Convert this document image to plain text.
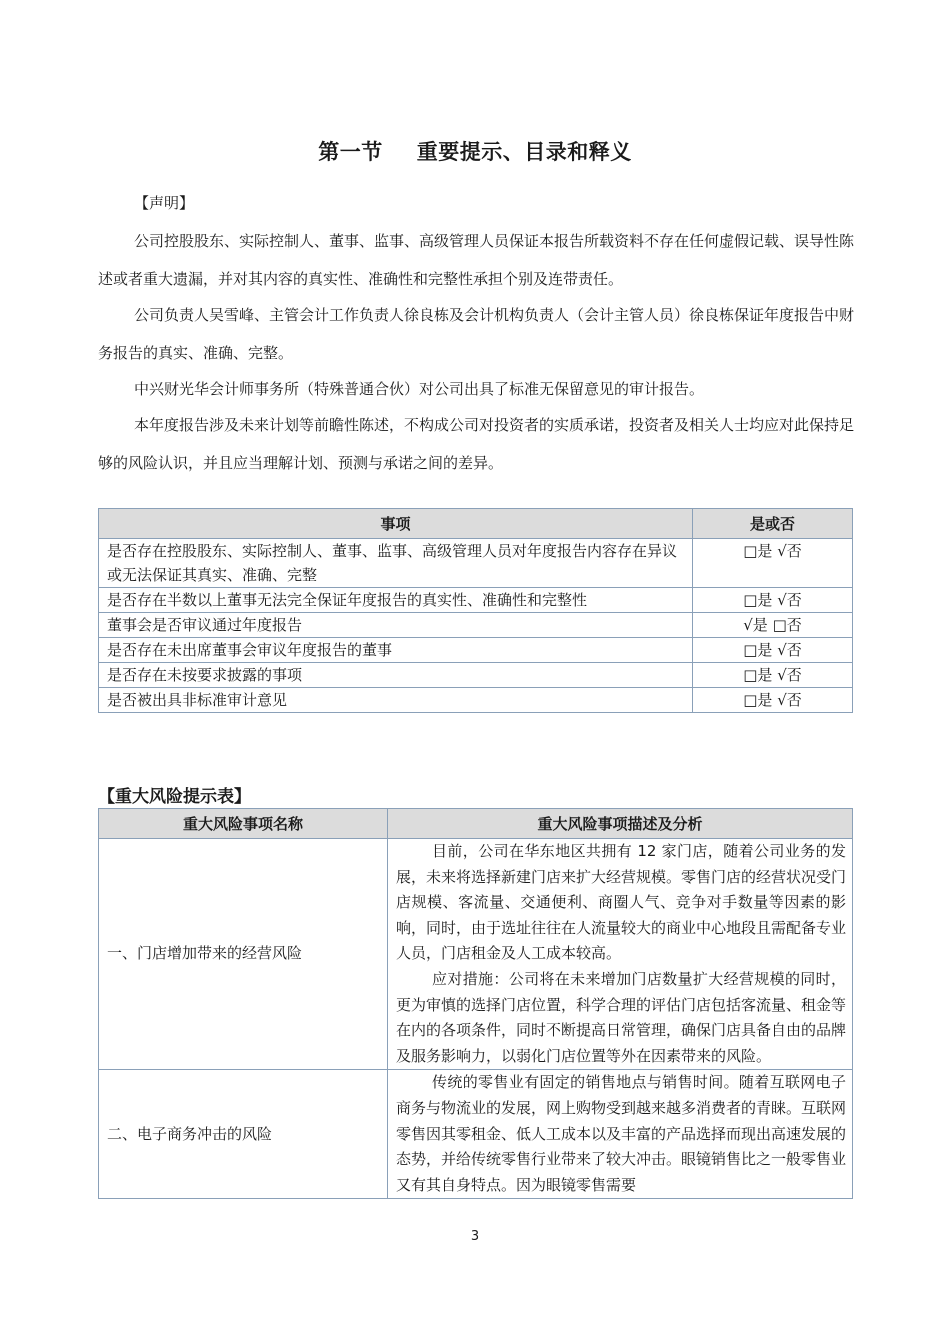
第一节 重要提示、目录和释义
【声明】
公司控股股东、实际控制人、董事、监事、高级管理人员保证本报告所载资料不存在任何虚假记载、误导性陈述或者重大遗漏，并对其内容的真实性、准确性和完整性承担个别及连带责任。
公司负责人吴雪峰、主管会计工作负责人徐良栋及会计机构负责人（会计主管人员）徐良栋保证年度报告中财务报告的真实、准确、完整。
中兴财光华会计师事务所（特殊普通合伙）对公司出具了标准无保留意见的审计报告。
本年度报告涉及未来计划等前瞻性陈述，不构成公司对投资者的实质承诺，投资者及相关人士均应对此保持足够的风险认识，并且应当理解计划、预测与承诺之间的差异。
事项	是或否
是否存在控股股东、实际控制人、董事、监事、高级管理人员对年度报告内容存在异议或无法保证其真实、准确、完整	□是 √否
是否存在半数以上董事无法完全保证年度报告的真实性、准确性和完整性	□是 √否
董事会是否审议通过年度报告	√是 □否
是否存在未出席董事会审议年度报告的董事	□是 √否
是否存在未按要求披露的事项	□是 √否
是否被出具非标准审计意见	□是 √否
【重大风险提示表】
重大风险事项名称	重大风险事项描述及分析
一、门店增加带来的经营风险	目前，公司在华东地区共拥有 12 家门店，随着公司业务的发展，未来将选择新建门店来扩大经营规模。零售门店的经营状况受门店规模、客流量、交通便利、商圈人气、竞争对手数量等因素的影响，同时，由于选址往往在人流量较大的商业中心地段且需配备专业人员，门店租金及人工成本较高。

应对措施：公司将在未来增加门店数量扩大经营规模的同时，更为审慎的选择门店位置，科学合理的评估门店包括客流量、租金等在内的各项条件，同时不断提高日常管理，确保门店具备自由的品牌及服务影响力，以弱化门店位置等外在因素带来的风险。

二、电子商务冲击的风险	传统的零售业有固定的销售地点与销售时间。随着互联网电子商务与物流业的发展，网上购物受到越来越多消费者的青睐。互联网零售因其零租金、低人工成本以及丰富的产品选择而现出高速发展的态势，并给传统零售行业带来了较大冲击。眼镜销售比之一般零售业又有其自身特点。因为眼镜零售需要

3
